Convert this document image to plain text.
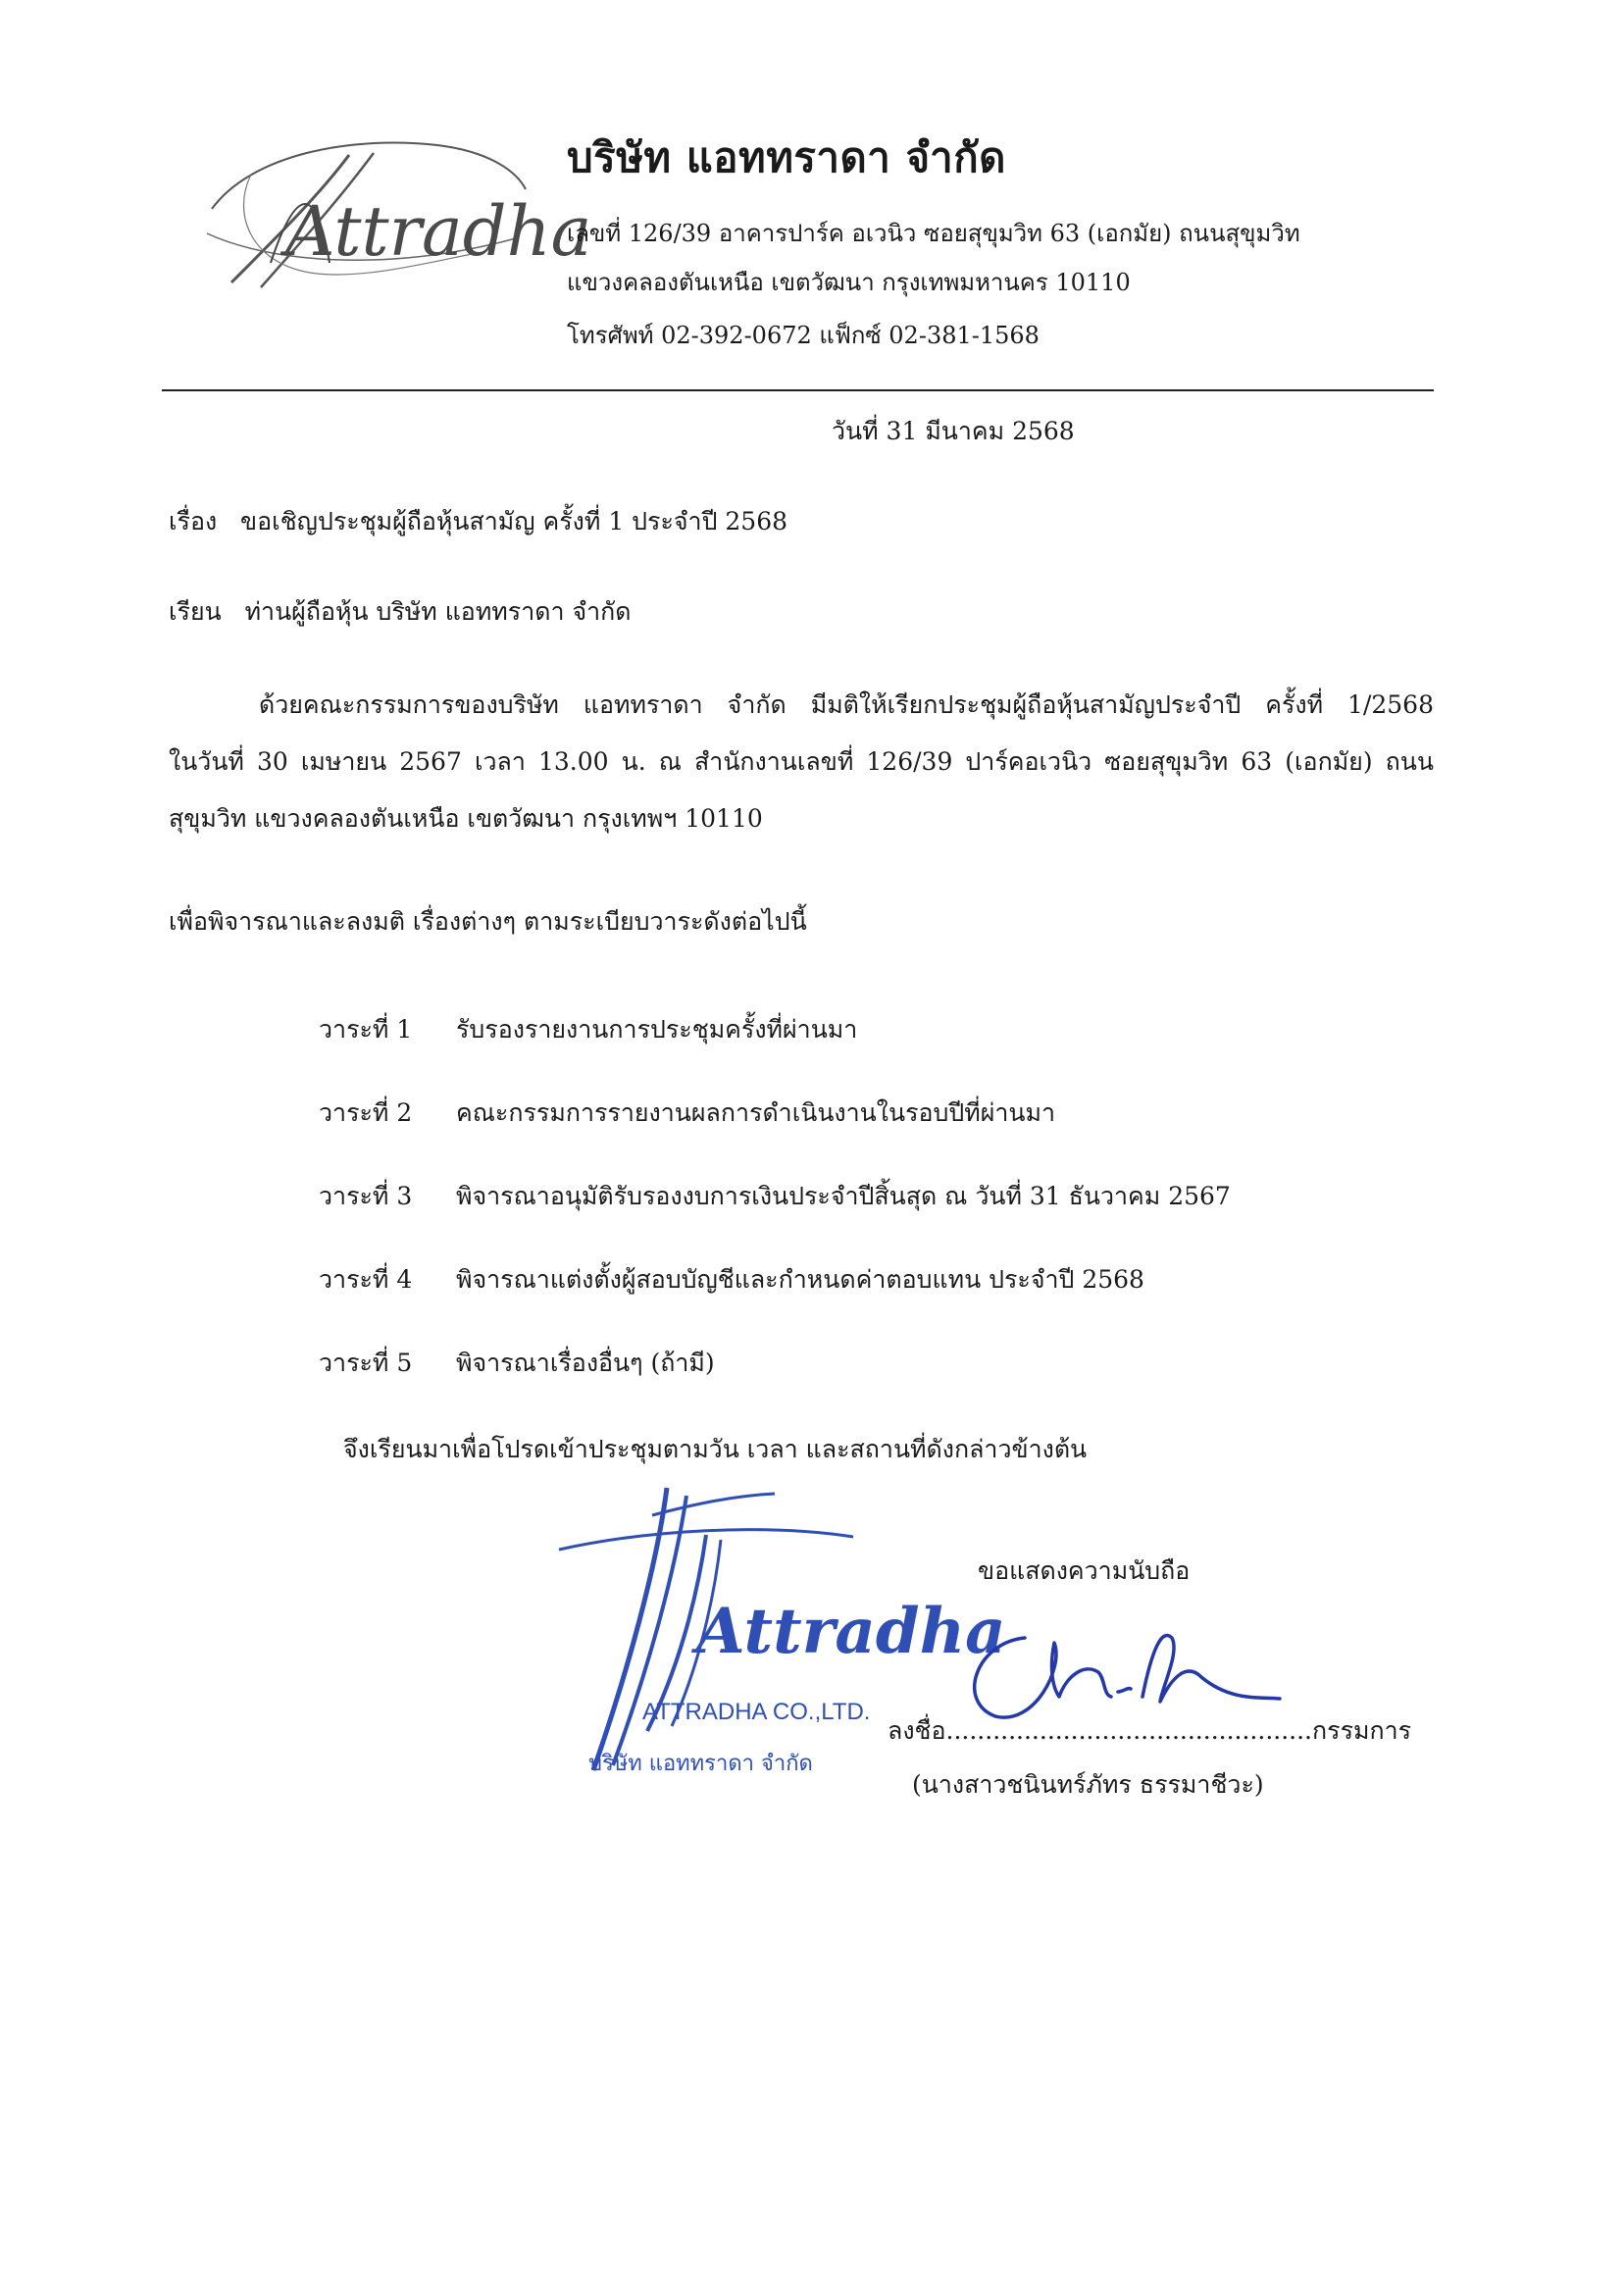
Attradha
บริษัท แอททราดา จำกัด
เลขที่ 126/39 อาคารปาร์ค อเวนิว ซอยสุขุมวิท 63 (เอกมัย) ถนนสุขุมวิท
แขวงคลองตันเหนือ เขตวัฒนา กรุงเทพมหานคร 10110
โทรศัพท์ 02-392-0672 แฟ็กซ์ 02-381-1568
วันที่ 31 มีนาคม 2568
เรื่อง ขอเชิญประชุมผู้ถือหุ้นสามัญ ครั้งที่ 1 ประจำปี 2568
เรียน ท่านผู้ถือหุ้น บริษัท แอททราดา จำกัด
ด้วยคณะกรรมการของบริษัท แอททราดา จำกัด มีมติให้เรียกประชุมผู้ถือหุ้นสามัญประจำปี ครั้งที่ 1/2568
ในวันที่ 30 เมษายน 2567 เวลา 13.00 น. ณ สำนักงานเลขที่ 126/39 ปาร์คอเวนิว ซอยสุขุมวิท 63 (เอกมัย) ถนน
สุขุมวิท แขวงคลองตันเหนือ เขตวัฒนา กรุงเทพฯ 10110
เพื่อพิจารณาและลงมติ เรื่องต่างๆ ตามระเบียบวาระดังต่อไปนี้
วาระที่ 1 รับรองรายงานการประชุมครั้งที่ผ่านมา
วาระที่ 2 คณะกรรมการรายงานผลการดำเนินงานในรอบปีที่ผ่านมา
วาระที่ 3 พิจารณาอนุมัติรับรองงบการเงินประจำปีสิ้นสุด ณ วันที่ 31 ธันวาคม 2567
วาระที่ 4 พิจารณาแต่งตั้งผู้สอบบัญชีและกำหนดค่าตอบแทน ประจำปี 2568
วาระที่ 5 พิจารณาเรื่องอื่นๆ (ถ้ามี)
จึงเรียนมาเพื่อโปรดเข้าประชุมตามวัน เวลา และสถานที่ดังกล่าวข้างต้น
Attradha
ATTRADHA CO.,LTD.
บริษัท แอททราดา จำกัด
ขอแสดงความนับถือ
ลงชื่อ...............................................กรรมการ
(นางสาวชนินทร์ภัทร ธรรมาชีวะ)
